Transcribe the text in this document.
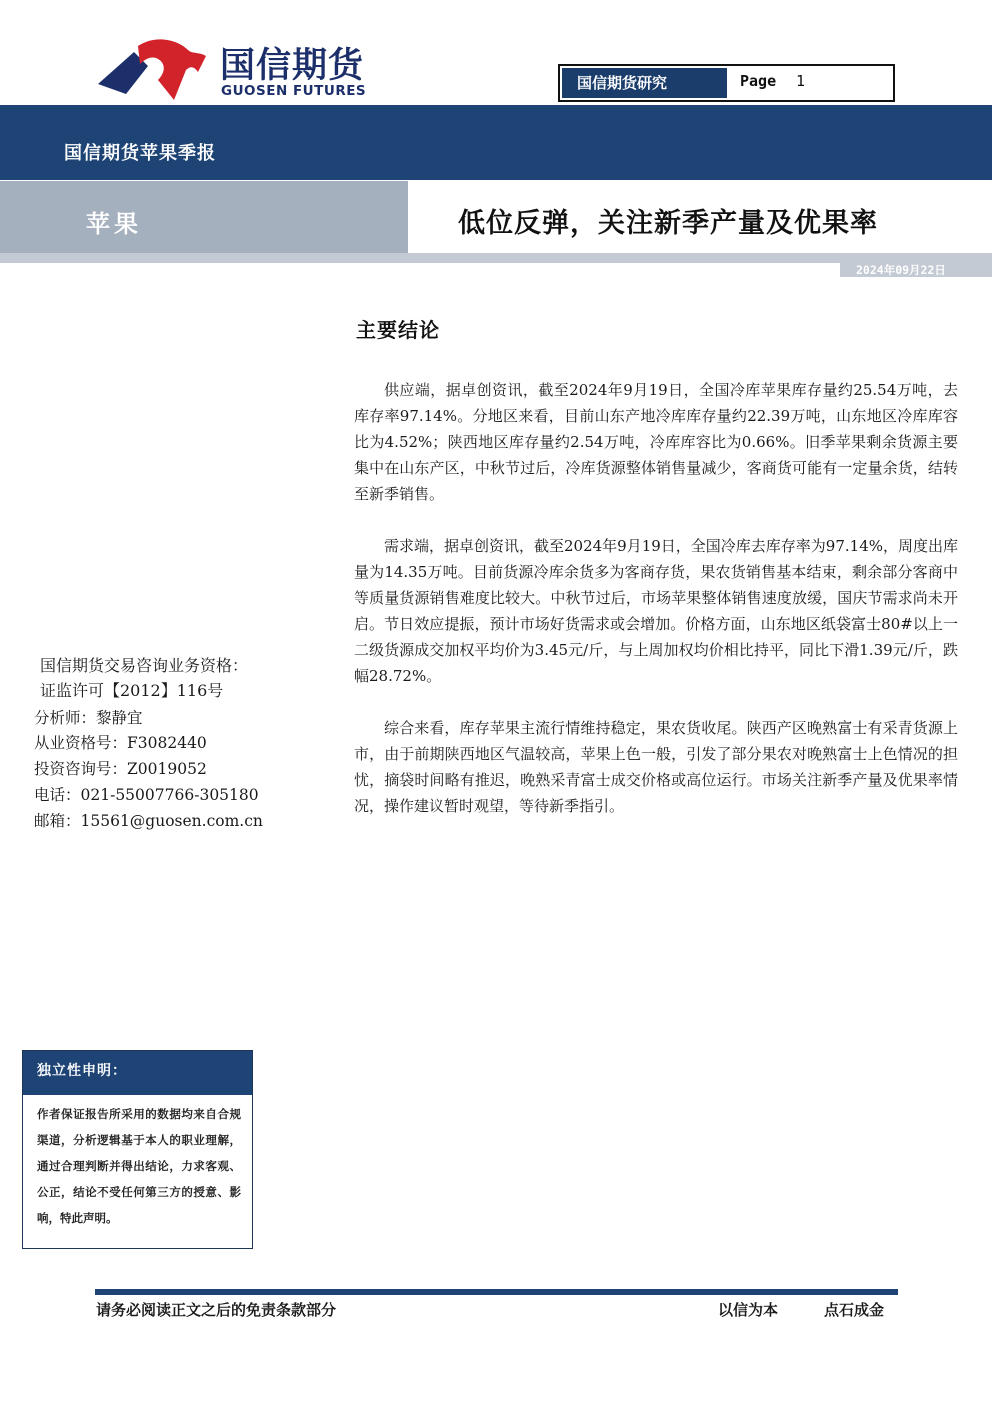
国信期货
GUOSEN FUTURES	国信期货研究	Page 1
国信期货苹果季报
苹果	低位反弹，关注新季产量及优果率
2024年09月22日
主要结论

供应端，据卓创资讯，截至2024年9月19日，全国冷库苹果库存量约25.54万吨，去库存率97.14%。分地区来看，目前山东产地冷库库存量约22.39万吨，山东地区冷库库容比为4.52%；陕西地区库存量约2.54万吨，冷库库容比为0.66%。旧季苹果剩余货源主要集中在山东产区，中秋节过后，冷库货源整体销售量减少，客商货可能有一定量余货，结转至新季销售。

需求端，据卓创资讯，截至2024年9月19日，全国冷库去库存率为97.14%，周度出库量为14.35万吨。目前货源冷库余货多为客商存货，果农货销售基本结束，剩余部分客商中等质量货源销售难度比较大。中秋节过后，市场苹果整体销售速度放缓，国庆节需求尚未开启。节日效应提振，预计市场好货需求或会增加。价格方面，山东地区纸袋富士80#以上一二级货源成交加权平均价为3.45元/斤，与上周加权均价相比持平，同比下滑1.39元/斤，跌幅28.72%。

综合来看，库存苹果主流行情维持稳定，果农货收尾。陕西产区晚熟富士有采青货源上市，由于前期陕西地区气温较高，苹果上色一般，引发了部分果农对晚熟富士上色情况的担忧，摘袋时间略有推迟，晚熟采青富士成交价格或高位运行。市场关注新季产量及优果率情况，操作建议暂时观望，等待新季指引。

国信期货交易咨询业务资格：
证监许可【2012】116号
分析师：黎静宜
从业资格号：F3082440
投资咨询号：Z0019052
电话：021-55007766-305180
邮箱：15561@guosen.com.cn
独立性申明：
作者保证报告所采用的数据均来自合规渠道，分析逻辑基于本人的职业理解，通过合理判断并得出结论，力求客观、公正，结论不受任何第三方的授意、影响，特此声明。
请务必阅读正文之后的免责条款部分	以信为本	点石成金
